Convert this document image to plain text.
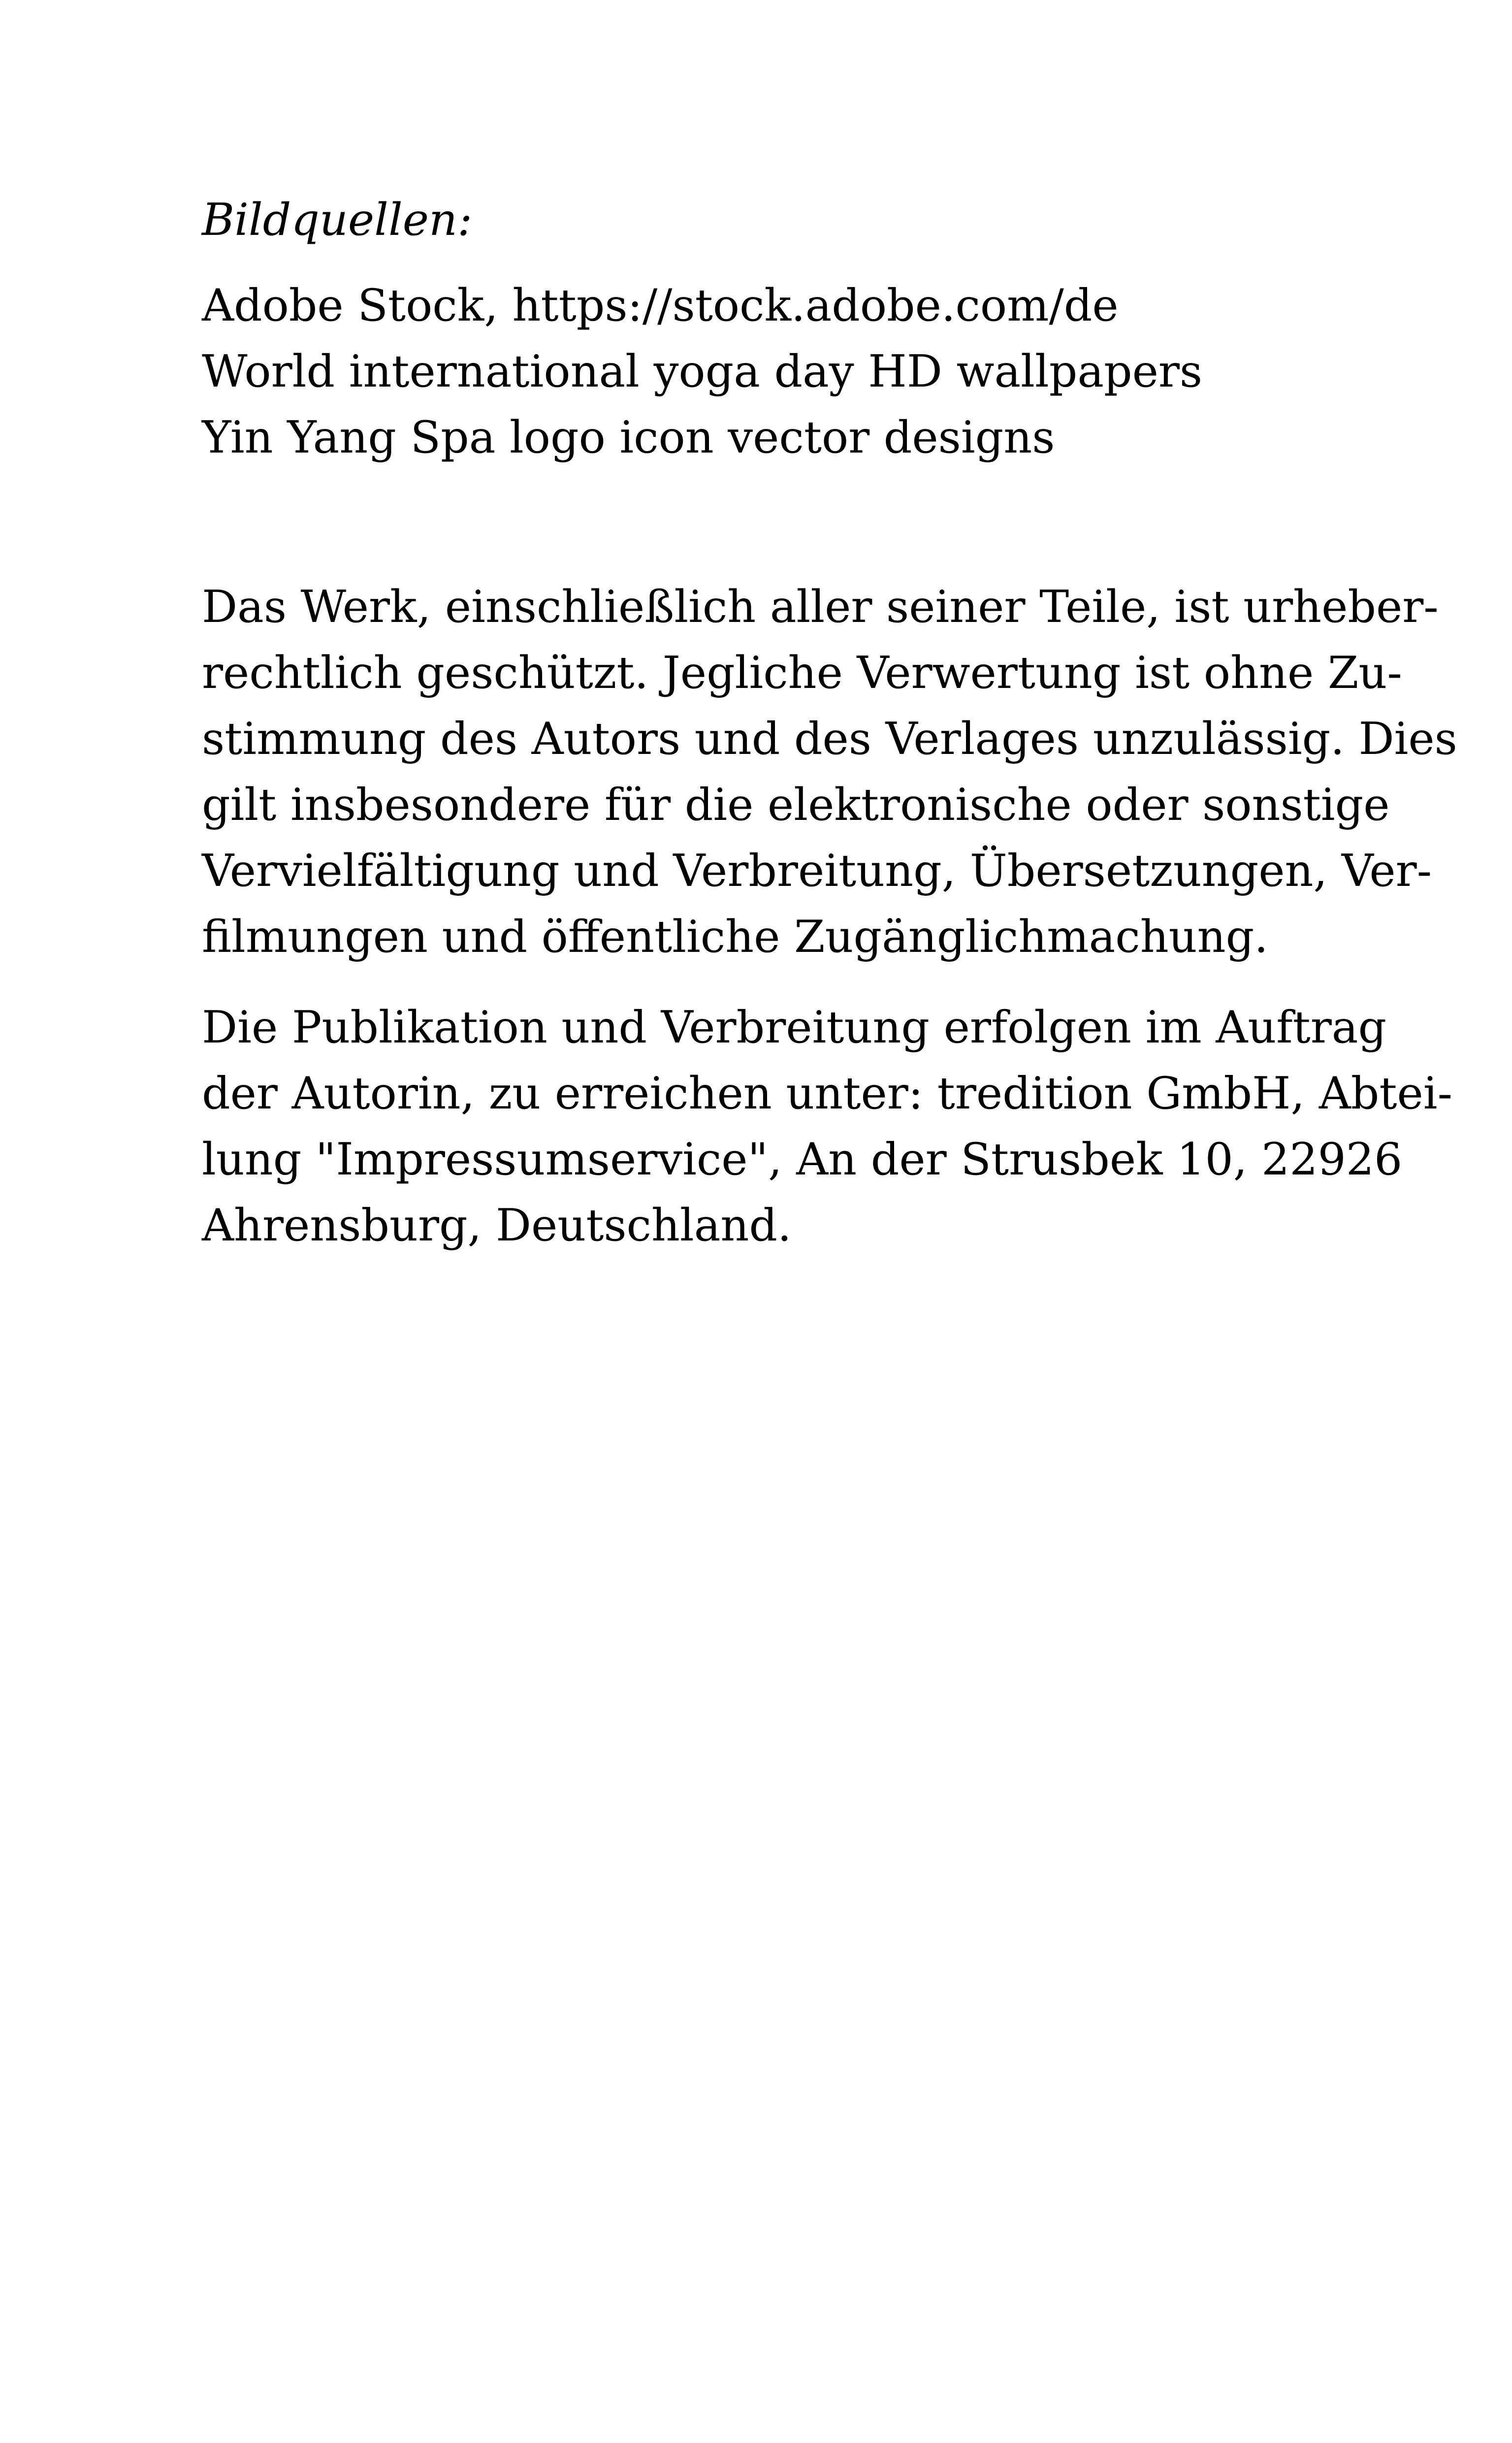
Bildquellen:
Adobe Stock, https://stock.adobe.com/de
World international yoga day HD wallpapers
Yin Yang Spa logo icon vector designs
Das Werk, einschließlich aller seiner Teile, ist urheber-
rechtlich geschützt. Jegliche Verwertung ist ohne Zu-
stimmung des Autors und des Verlages unzulässig. Dies
gilt insbesondere für die elektronische oder sonstige
Vervielfältigung und Verbreitung, Übersetzungen, Ver-
filmungen und öffentliche Zugänglichmachung.
Die Publikation und Verbreitung erfolgen im Auftrag
der Autorin, zu erreichen unter: tredition GmbH, Abtei-
lung "Impressumservice", An der Strusbek 10, 22926
Ahrensburg, Deutschland.
